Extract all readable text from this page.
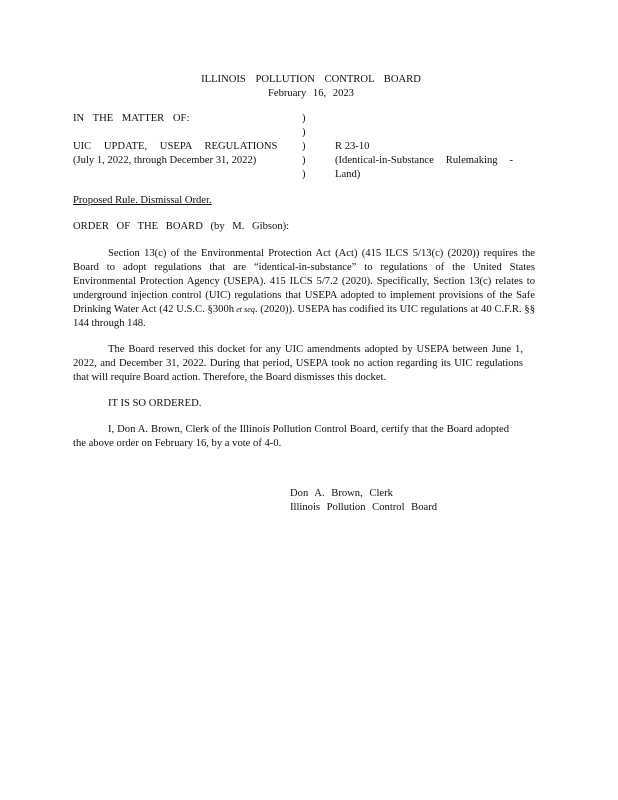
ILLINOIS POLLUTION CONTROL BOARD
February 16, 2023
IN THE MATTER OF:
UIC UPDATE, USEPA REGULATIONS
(July 1, 2022, through December 31, 2022)
)
)
)
)
)
R 23-10
(Identical-in-Substance Rulemaking -
Land)
Proposed Rule. Dismissal Order.
ORDER OF THE BOARD (by M. Gibson):

Section 13(c) of the Environmental Protection Act (Act) (415 ILCS 5/13(c) (2020)) requires the Board to adopt regulations that are “identical-in-substance” to regulations of the United States Environmental Protection Agency (USEPA). 415 ILCS 5/7.2 (2020). Specifically, Section 13(c) relates to underground injection control (UIC) regulations that USEPA adopted to implement provisions of the Safe Drinking Water Act (42 U.S.C. §300h et seq. (2020)). USEPA has codified its UIC regulations at 40 C.F.R. §§ 144 through 148.

The Board reserved this docket for any UIC amendments adopted by USEPA between June 1, 2022, and December 31, 2022. During that period, USEPA took no action regarding its UIC regulations that will require Board action. Therefore, the Board dismisses this docket.

IT IS SO ORDERED.

I, Don A. Brown, Clerk of the Illinois Pollution Control Board, certify that the Board adopted the above order on February 16, by a vote of 4-0.

Don A. Brown, Clerk
Illinois Pollution Control Board
